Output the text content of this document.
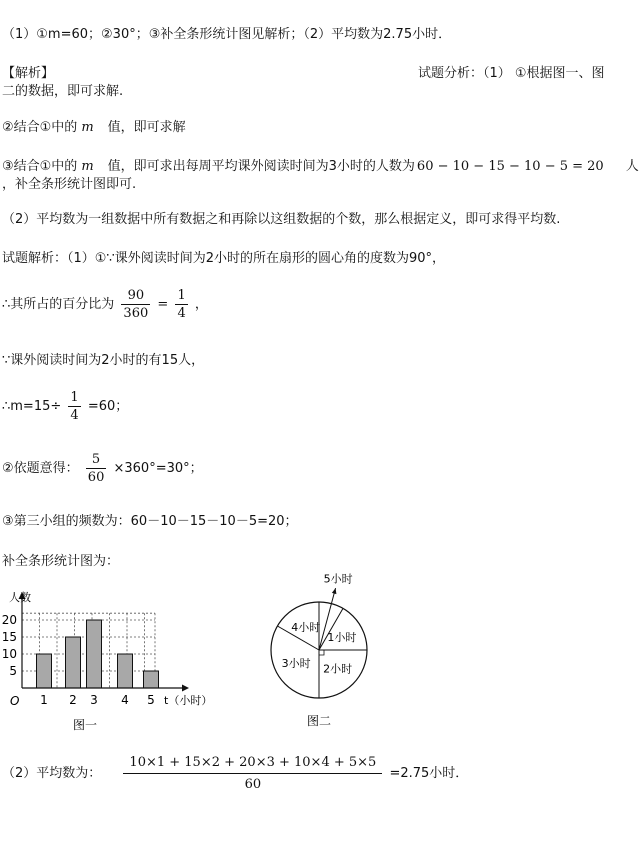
（1）①m=60；②30°；③补全条形统计图见解析；（2）平均数为2.75小时．
【解析】	试题分析：（1） ①根据图一、图
二的数据，即可求解.
②结合①中的 m 值，即可求解
③结合①中的 m 值，即可求出每周平均课外阅读时间为3小时的人数为 60 − 10 − 15 − 10 − 5 = 20 人
，补全条形统计图即可.
（2）平均数为一组数据中所有数据之和再除以这组数据的个数，那么根据定义，即可求得平均数.
试题解析：（1）①∵课外阅读时间为2小时的所在扇形的圆心角的度数为90°，
∴其所占的百分比为 $\frac{90}{360} = \frac{1}{4}$ ，
∵课外阅读时间为2小时的有15人，
∴m=15÷ $\frac{1}{4} =60$；
②依题意得： $\frac{5}{60} \times 360^\circ=30^\circ$；
③第三小组的频数为：60－10－15－10－5=20；
补全条形统计图为：
人数
5
10
15
20
1 2 3 4 5
O	t（小时）
图一
1小时
2小时
3小时
4小时
5小时
图二
（2）平均数为： $\frac{10\times 1 + 15\times 2 + 20\times 3 + 10\times 4 + 5\times 5}{60} =2.75$小时．
